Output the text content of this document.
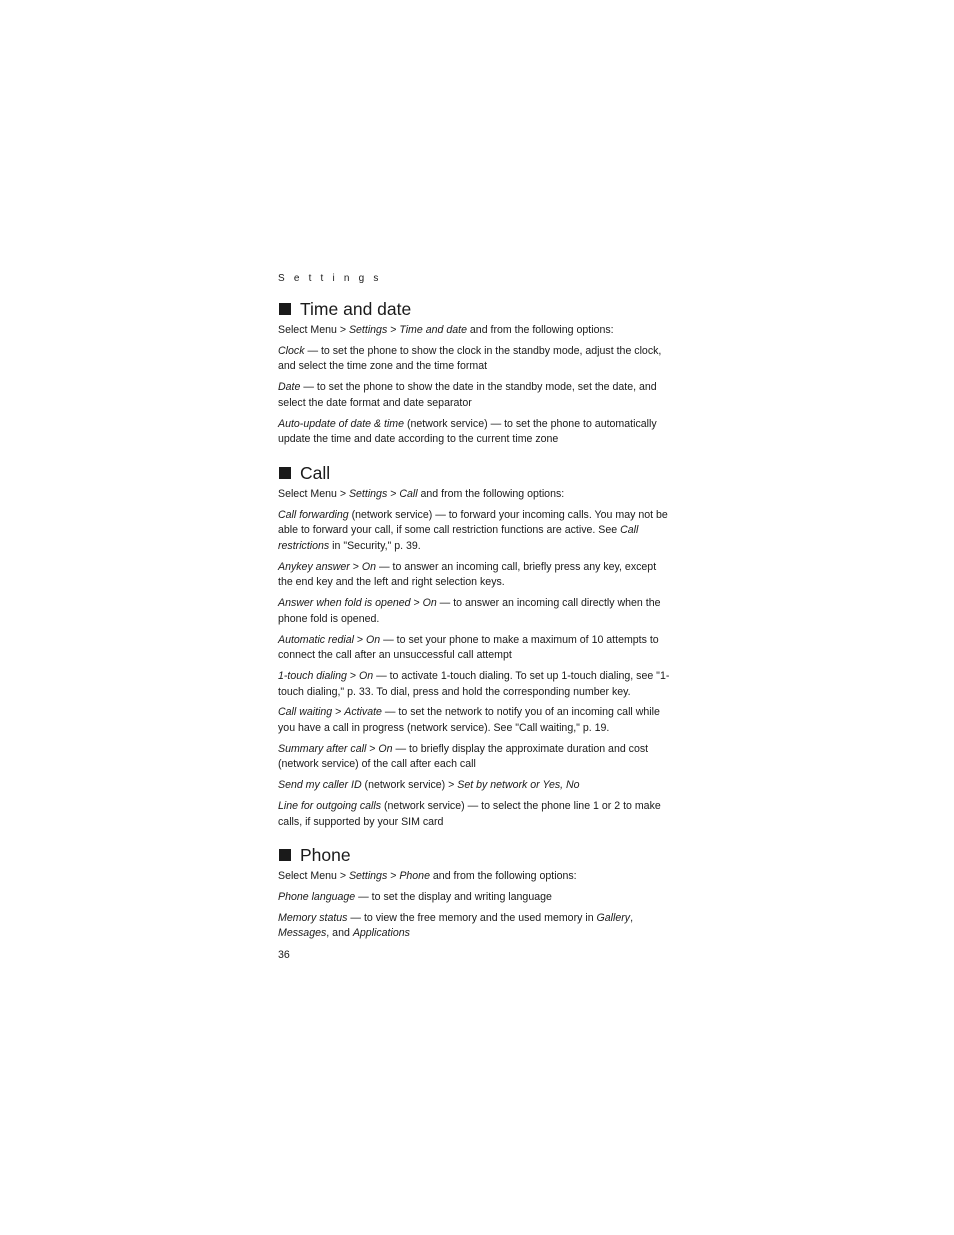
S e t t i n g s
Time and date

Select Menu > Settings > Time and date and from the following options:

Clock — to set the phone to show the clock in the standby mode, adjust the clock, and select the time zone and the time format

Date — to set the phone to show the date in the standby mode, set the date, and select the date format and date separator

Auto-update of date & time (network service) — to set the phone to automatically update the time and date according to the current time zone

Call

Select Menu > Settings > Call and from the following options:

Call forwarding (network service) — to forward your incoming calls. You may not be able to forward your call, if some call restriction functions are active. See Call restrictions in "Security," p. 39.

Anykey answer > On — to answer an incoming call, briefly press any key, except the end key and the left and right selection keys.

Answer when fold is opened > On — to answer an incoming call directly when the phone fold is opened.

Automatic redial > On — to set your phone to make a maximum of 10 attempts to connect the call after an unsuccessful call attempt

1-touch dialing > On — to activate 1-touch dialing. To set up 1-touch dialing, see "1-touch dialing," p. 33. To dial, press and hold the corresponding number key.

Call waiting > Activate — to set the network to notify you of an incoming call while you have a call in progress (network service). See "Call waiting," p. 19.

Summary after call > On — to briefly display the approximate duration and cost (network service) of the call after each call

Send my caller ID (network service) > Set by network or Yes, No

Line for outgoing calls (network service) — to select the phone line 1 or 2 to make calls, if supported by your SIM card

Phone

Select Menu > Settings > Phone and from the following options:

Phone language — to set the display and writing language

Memory status — to view the free memory and the used memory in Gallery, Messages, and Applications

36
